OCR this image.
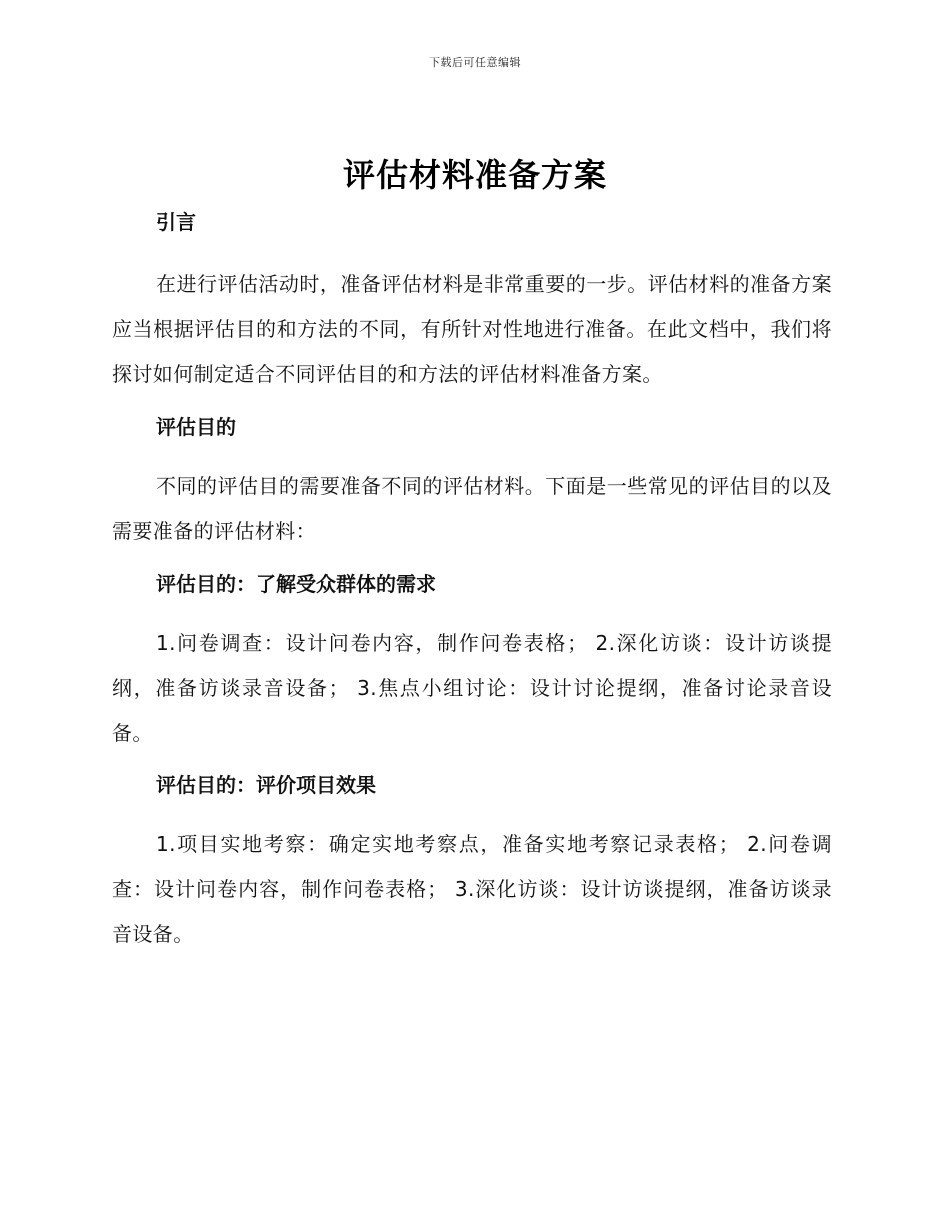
下载后可任意编辑
评估材料准备方案
引言

在进行评估活动时，准备评估材料是非常重要的一步。评估材料的准备方案应当根据评估目的和方法的不同，有所针对性地进行准备。在此文档中，我们将探讨如何制定适合不同评估目的和方法的评估材料准备方案。

评估目的

不同的评估目的需要准备不同的评估材料。下面是一些常见的评估目的以及需要准备的评估材料：

评估目的：了解受众群体的需求

1.问卷调查：设计问卷内容，制作问卷表格； 2.深化访谈：设计访谈提纲，准备访谈录音设备； 3.焦点小组讨论：设计讨论提纲，准备讨论录音设备。

评估目的：评价项目效果

1.项目实地考察：确定实地考察点，准备实地考察记录表格； 2.问卷调查：设计问卷内容，制作问卷表格； 3.深化访谈：设计访谈提纲，准备访谈录音设备。
